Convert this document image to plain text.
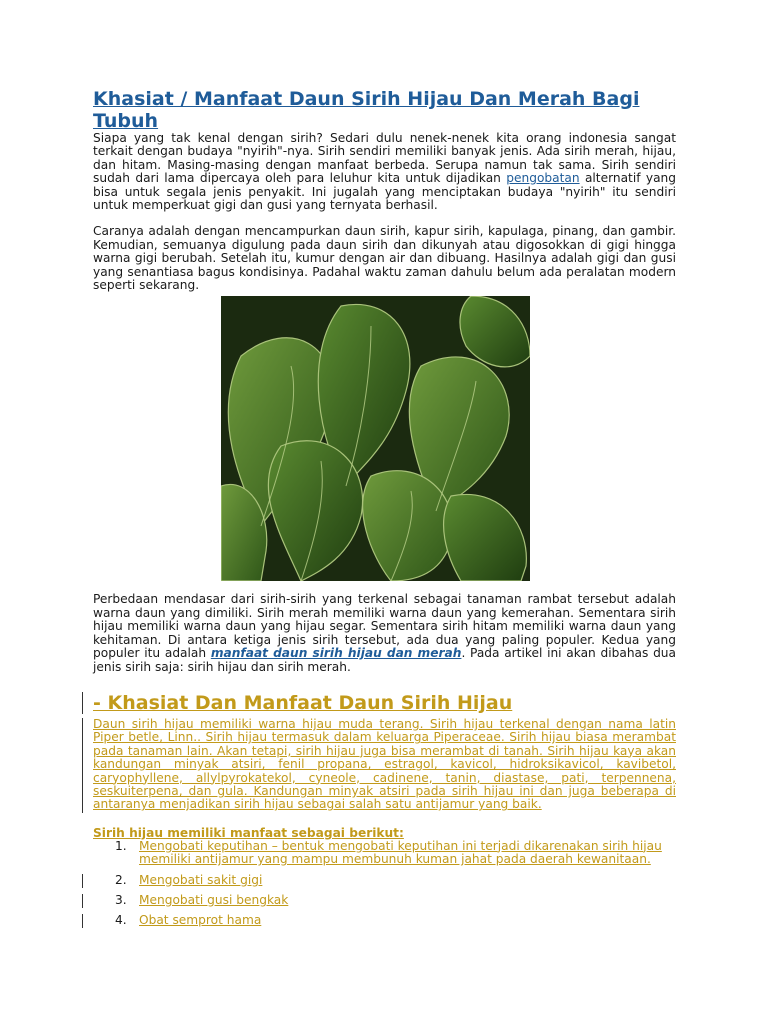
Khasiat / Manfaat Daun Sirih Hijau Dan Merah Bagi Tubuh

Siapa yang tak kenal dengan sirih? Sedari dulu nenek-nenek kita orang indonesia sangat terkait dengan budaya "nyirih"-nya. Sirih sendiri memiliki banyak jenis. Ada sirih merah, hijau, dan hitam. Masing-masing dengan manfaat berbeda. Serupa namun tak sama. Sirih sendiri sudah dari lama dipercaya oleh para leluhur kita untuk dijadikan pengobatan alternatif yang bisa untuk segala jenis penyakit. Ini jugalah yang menciptakan budaya "nyirih" itu sendiri untuk memperkuat gigi dan gusi yang ternyata berhasil.

Caranya adalah dengan mencampurkan daun sirih, kapur sirih, kapulaga, pinang, dan gambir. Kemudian, semuanya digulung pada daun sirih dan dikunyah atau digosokkan di gigi hingga warna gigi berubah. Setelah itu, kumur dengan air dan dibuang. Hasilnya adalah gigi dan gusi yang senantiasa bagus kondisinya. Padahal waktu zaman dahulu belum ada peralatan modern seperti sekarang.

Perbedaan mendasar dari sirih-sirih yang terkenal sebagai tanaman rambat tersebut adalah warna daun yang dimiliki. Sirih merah memiliki warna daun yang kemerahan. Sementara sirih hijau memiliki warna daun yang hijau segar. Sementara sirih hitam memiliki warna daun yang kehitaman. Di antara ketiga jenis sirih tersebut, ada dua yang paling populer. Kedua yang populer itu adalah manfaat daun sirih hijau dan merah. Pada artikel ini akan dibahas dua jenis sirih saja: sirih hijau dan sirih merah.

- Khasiat Dan Manfaat Daun Sirih Hijau

Daun sirih hijau memiliki warna hijau muda terang. Sirih hijau terkenal dengan nama latin Piper betle, Linn.. Sirih hijau termasuk dalam keluarga Piperaceae. Sirih hijau biasa merambat pada tanaman lain. Akan tetapi, sirih hijau juga bisa merambat di tanah. Sirih hijau kaya akan kandungan minyak atsiri, fenil propana, estragol, kavicol, hidroksikavicol, kavibetol, caryophyllene, allylpyrokatekol, cyneole, cadinene, tanin, diastase, pati, terpennena, seskuiterpena, dan gula. Kandungan minyak atsiri pada sirih hijau ini dan juga beberapa di antaranya menjadikan sirih hijau sebagai salah satu antijamur yang baik.

Sirih hijau memiliki manfaat sebagai berikut:
1. Mengobati keputihan – bentuk mengobati keputihan ini terjadi dikarenakan sirih hijau memiliki antijamur yang mampu membunuh kuman jahat pada daerah kewanitaan.
2. Mengobati sakit gigi
3. Mengobati gusi bengkak
4. Obat semprot hama
